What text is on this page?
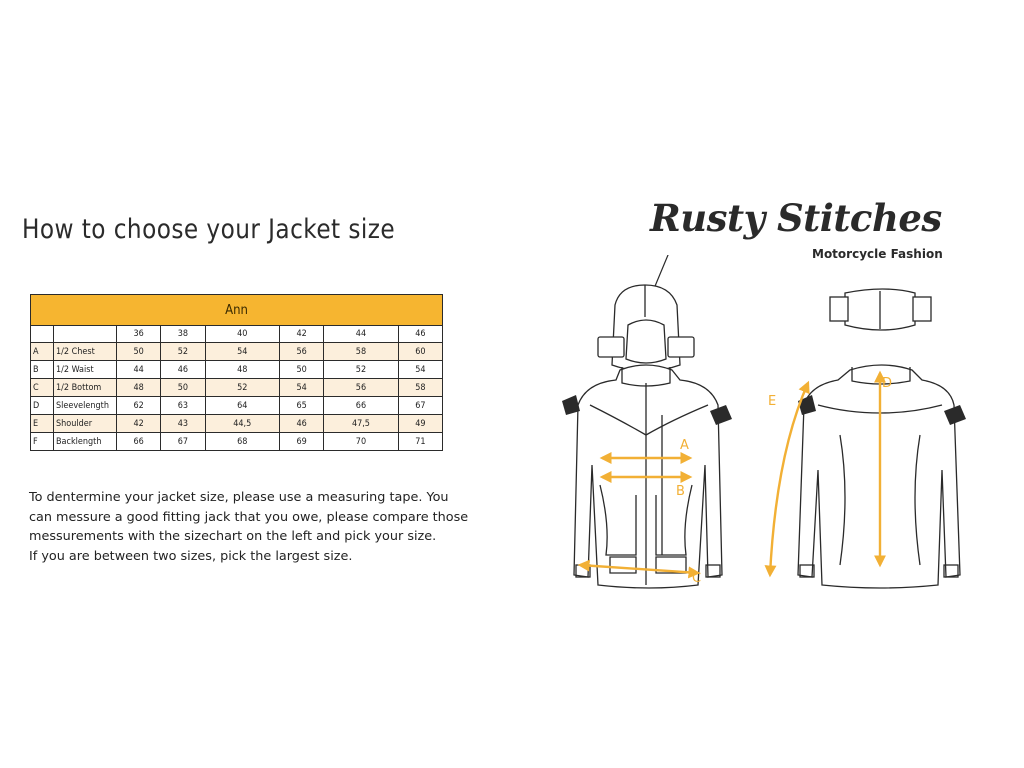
How to choose your Jacket size
Ann							
		36	38	40	42	44	46
A	1/2 Chest	50	52	54	56	58	60
B	1/2 Waist	44	46	48	50	52	54
C	1/2 Bottom	48	50	52	54	56	58
D	Sleevelength	62	63	64	65	66	67
E	Shoulder	42	43	44,5	46	47,5	49
F	Backlength	66	67	68	69	70	71
To dentermine your jacket size, please use a measuring tape. You
can messure a good fitting jack that you owe, please compare those
messurements with the sizechart on the left and pick your size.
If you are between two sizes, pick the largest size.
Rusty Stitches
Motorcycle Fashion
A
B
C
D
E
